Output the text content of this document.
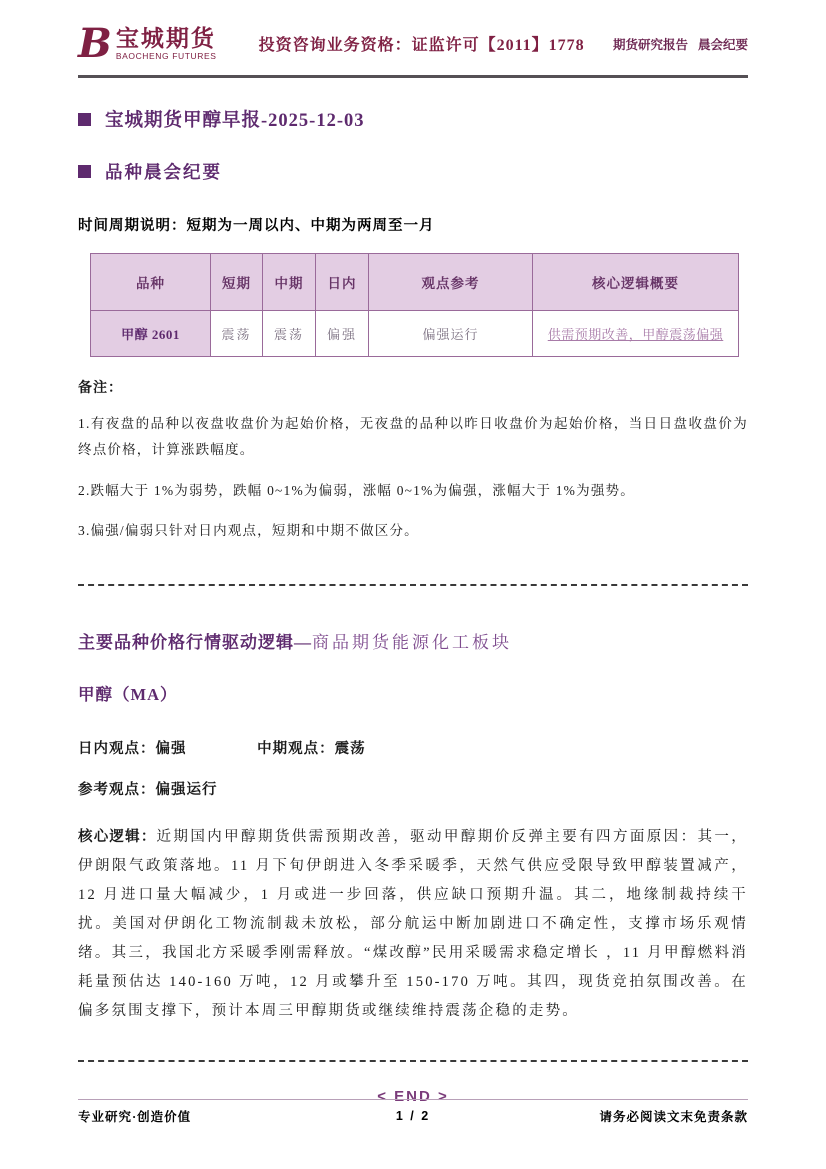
B 宝城期货
BAOCHENG FUTURES
投资咨询业务资格：证监许可【2011】1778 期货研究报告 晨会纪要
宝城期货甲醇早报-2025-12-03
品种晨会纪要
时间周期说明：短期为一周以内、中期为两周至一月
品种	短期	中期	日内	观点参考	核心逻辑概要
甲醇 2601	震荡	震荡	偏强	偏强运行	供需预期改善，甲醇震荡偏强
备注：
1.有夜盘的品种以夜盘收盘价为起始价格，无夜盘的品种以昨日收盘价为起始价格，当日日盘收盘价为终点价格，计算涨跌幅度。
2.跌幅大于 1%为弱势，跌幅 0~1%为偏弱，涨幅 0~1%为偏强，涨幅大于 1%为强势。
3.偏强/偏弱只针对日内观点，短期和中期不做区分。
主要品种价格行情驱动逻辑—商品期货能源化工板块
甲醇（MA）
日内观点：偏强	中期观点：震荡
参考观点：偏强运行
核心逻辑：近期国内甲醇期货供需预期改善，驱动甲醇期价反弹主要有四方面原因：其一，伊朗限气政策落地。11 月下旬伊朗进入冬季采暖季，天然气供应受限导致甲醇装置减产，12 月进口量大幅减少，1 月或进一步回落，供应缺口预期升温。其二，地缘制裁持续干扰。美国对伊朗化工物流制裁未放松，部分航运中断加剧进口不确定性，支撑市场乐观情绪。其三，我国北方采暖季刚需释放。“煤改醇”民用采暖需求稳定增长 ，11 月甲醇燃料消耗量预估达 140-160 万吨，12 月或攀升至 150-170 万吨。其四，现货竞拍氛围改善。在偏多氛围支撑下，预计本周三甲醇期货或继续维持震荡企稳的走势。
< END >
专业研究·创造价值	1 / 2	请务必阅读文末免责条款
